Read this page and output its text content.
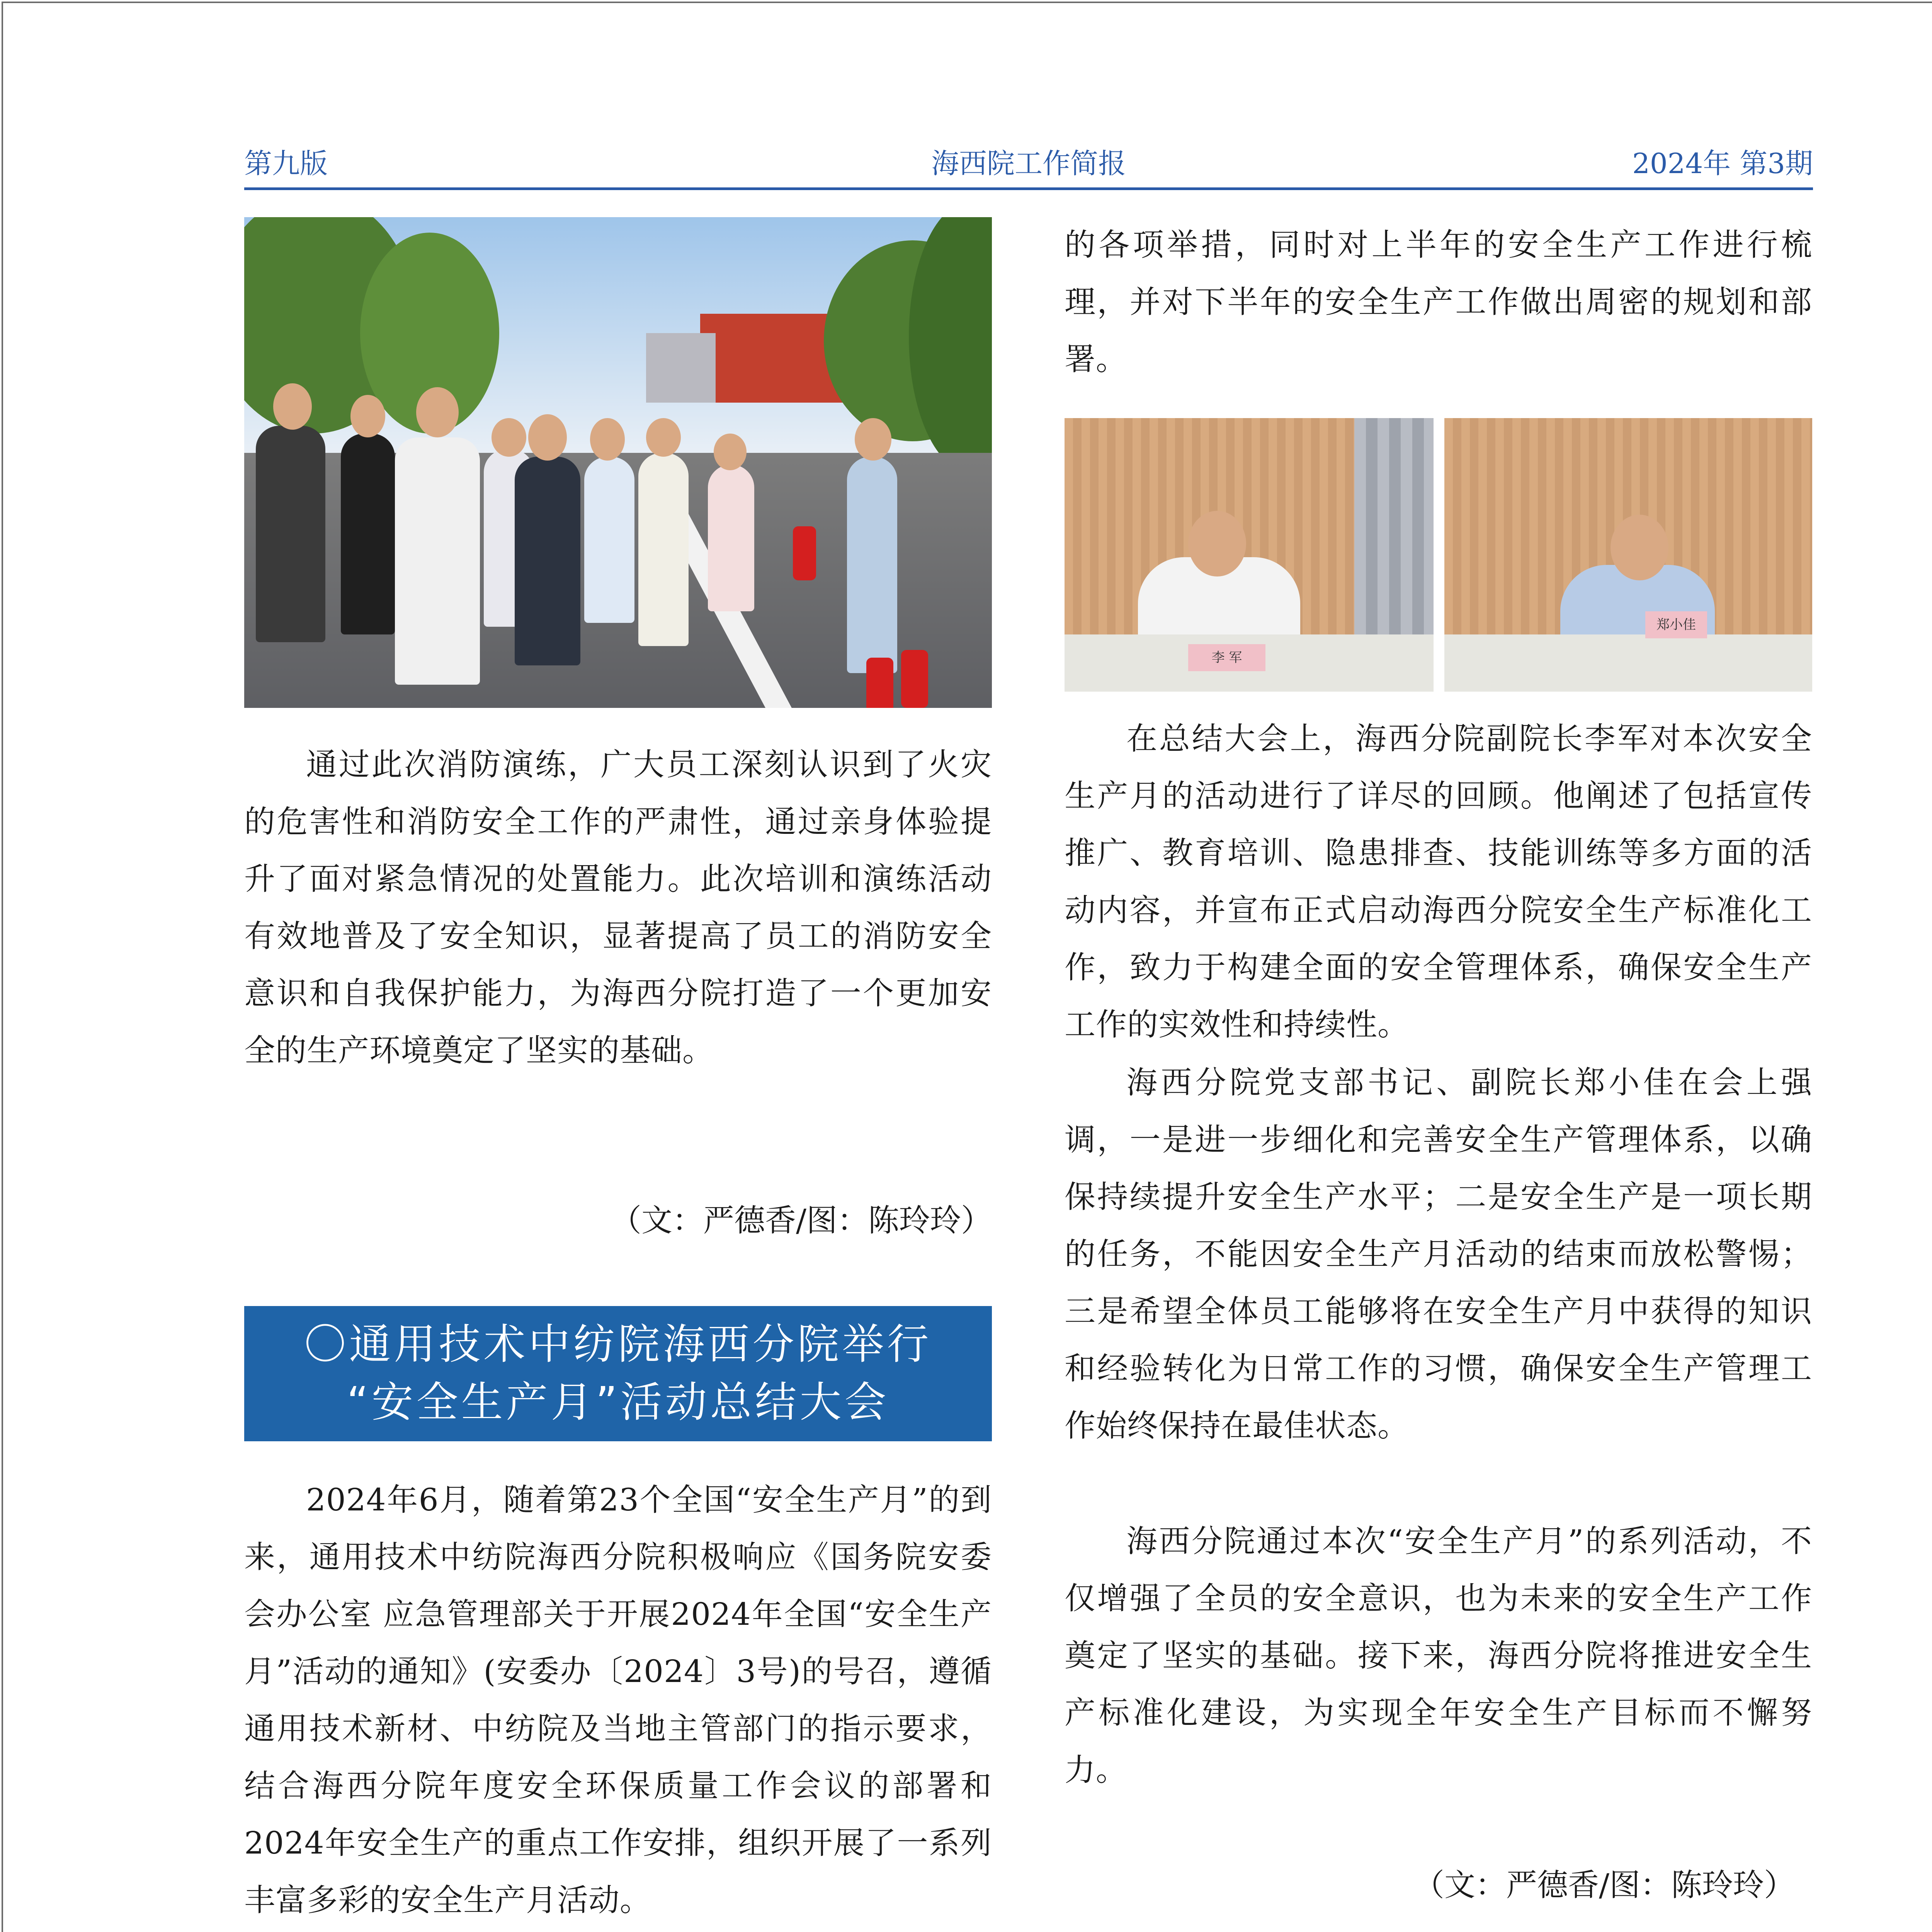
第九版	海西院工作简报	2024年 第3期

通过此次消防演练，广大员工深刻认识到了火灾的危害性和消防安全工作的严肃性，通过亲身体验提升了面对紧急情况的处置能力。此次培训和演练活动有效地普及了安全知识，显著提高了员工的消防安全意识和自我保护能力，为海西分院打造了一个更加安全的生产环境奠定了坚实的基础。

（文：严德香/图：陈玲玲）
〇通用技术中纺院海西分院举行
“安全生产月”活动总结大会

2024年6月，随着第23个全国“安全生产月”的到来，通用技术中纺院海西分院积极响应《国务院安委会办公室 应急管理部关于开展2024年全国“安全生产月”活动的通知》(安委办〔2024〕3号)的号召，遵循通用技术新材、中纺院及当地主管部门的指示要求，结合海西分院年度安全环保质量工作会议的部署和2024年安全生产的重点工作安排，组织开展了一系列丰富多彩的安全生产月活动。

的各项举措，同时对上半年的安全生产工作进行梳理，并对下半年的安全生产工作做出周密的规划和部署。

李 军
郑小佳

在总结大会上，海西分院副院长李军对本次安全生产月的活动进行了详尽的回顾。他阐述了包括宣传推广、教育培训、隐患排查、技能训练等多方面的活动内容，并宣布正式启动海西分院安全生产标准化工作，致力于构建全面的安全管理体系，确保安全生产工作的实效性和持续性。

海西分院党支部书记、副院长郑小佳在会上强调，一是进一步细化和完善安全生产管理体系，以确保持续提升安全生产水平；二是安全生产是一项长期的任务，不能因安全生产月活动的结束而放松警惕；三是希望全体员工能够将在安全生产月中获得的知识和经验转化为日常工作的习惯，确保安全生产管理工作始终保持在最佳状态。

海西分院通过本次“安全生产月”的系列活动，不仅增强了全员的安全意识，也为未来的安全生产工作奠定了坚实的基础。接下来，海西分院将推进安全生产标准化建设，为实现全年安全生产目标而不懈努力。

（文：严德香/图：陈玲玲）
